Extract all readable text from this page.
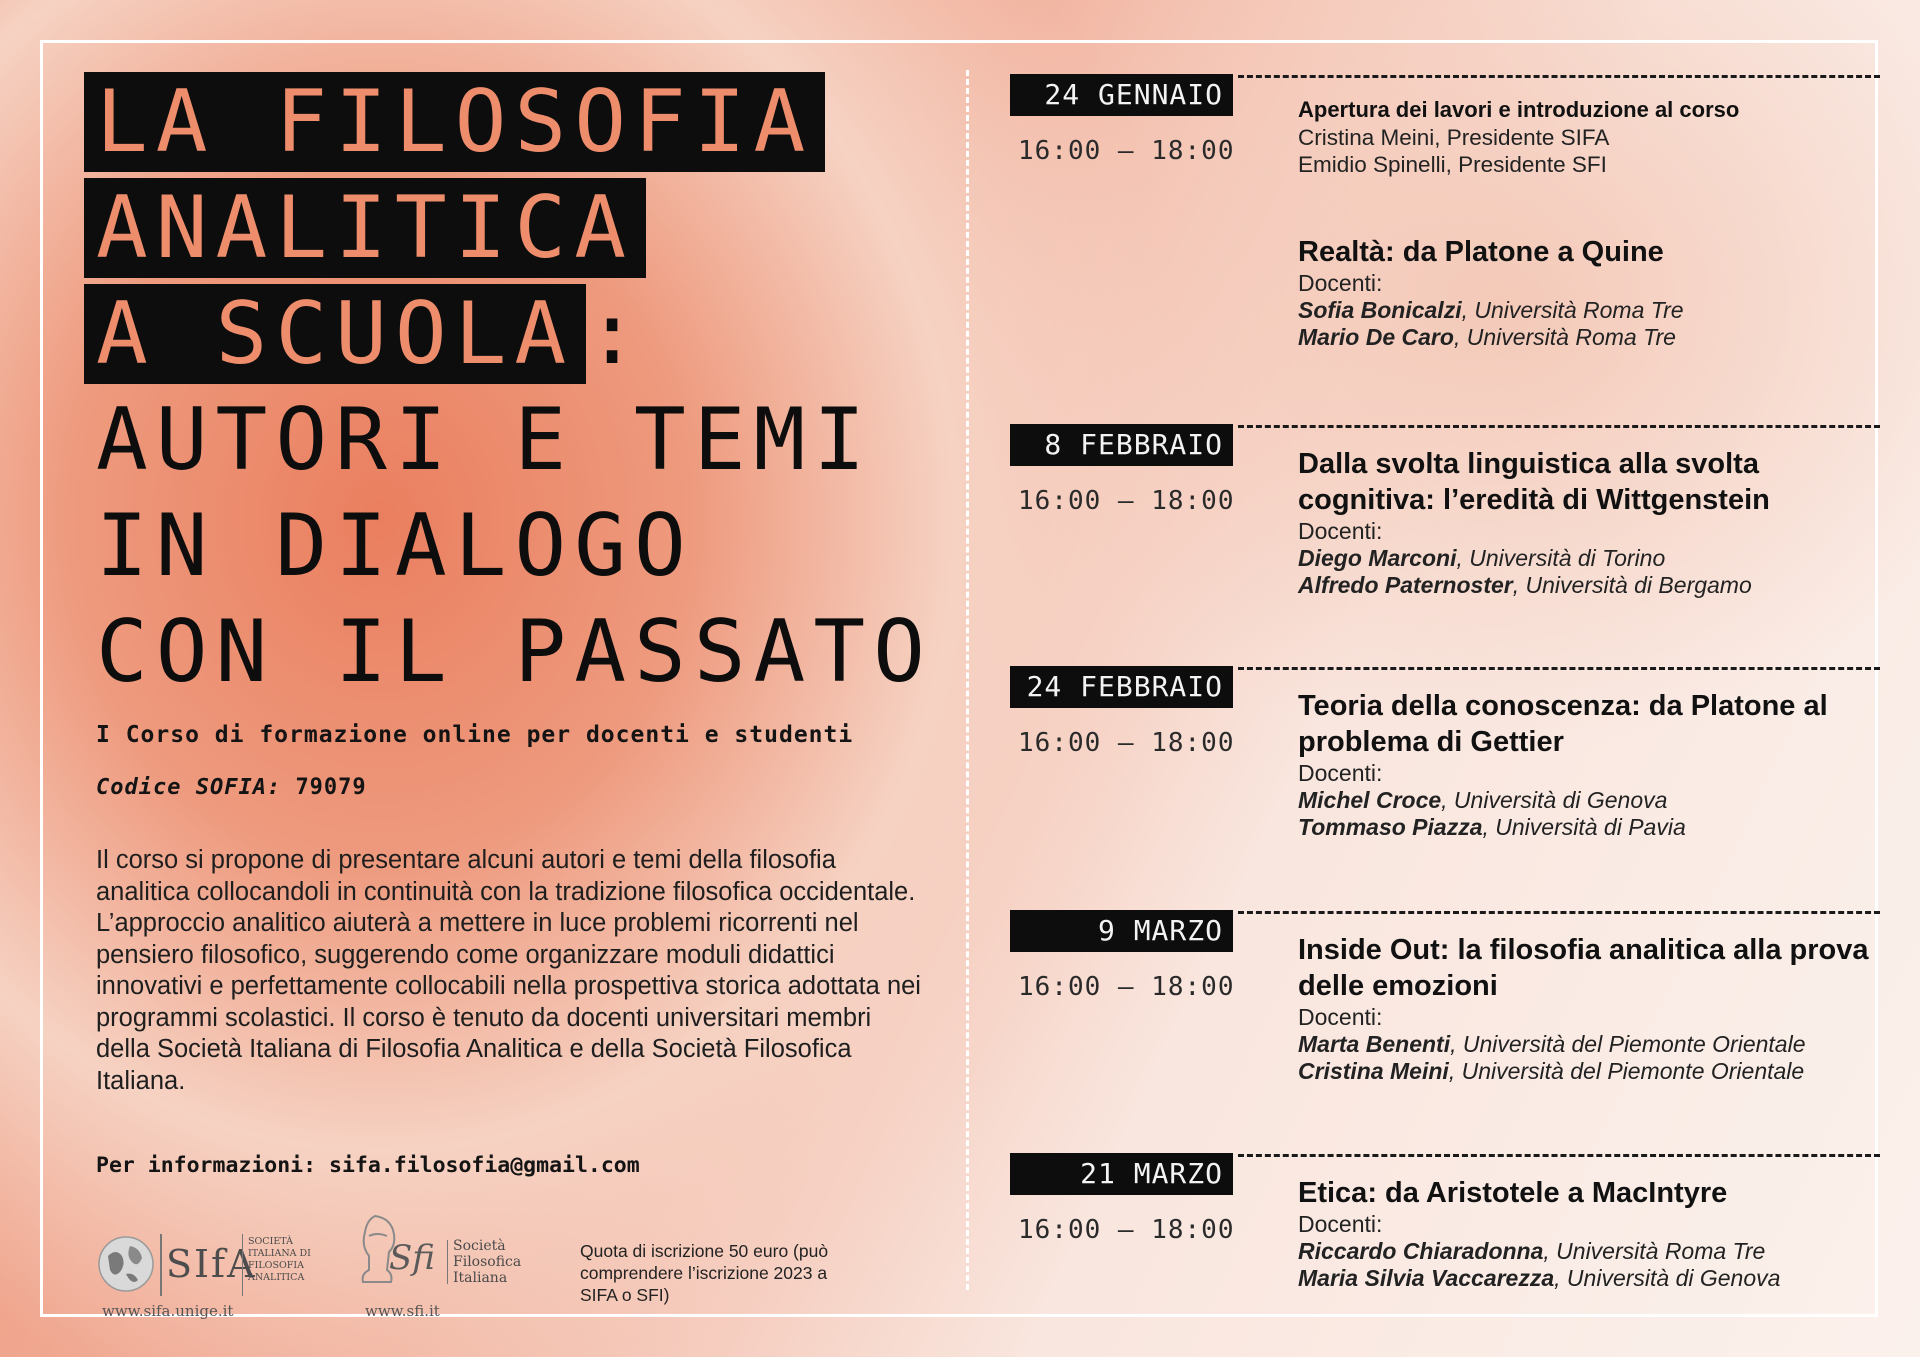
LA FILOSOFIA
ANALITICA
A SCUOLA :
AUTORI E TEMI
IN DIALOGO
CON IL PASSATO
I Corso di formazione online per docenti e studenti
Codice SOFIA: 79079
Il corso si propone di presentare alcuni autori e temi della filosofia analitica collocandoli in continuità con la tradizione filosofica occidentale. L’approccio analitico aiuterà a mettere in luce problemi ricorrenti nel pensiero filosofico, suggerendo come organizzare moduli didattici innovativi e perfettamente collocabili nella prospettiva storica adottata nei programmi scolastici. Il corso è tenuto da docenti universitari membri della Società Italiana di Filosofia Analitica e della Società Filosofica Italiana.
Per informazioni: sifa.filosofia@gmail.com
SIfA
SOCIETÀ
ITALIANA DI
FILOSOFIA
ANALITICA
www.sifa.unige.it
Sfi Società
Filosofica
Italiana
www.sfi.it
Quota di iscrizione 50 euro (può comprendere l’iscrizione 2023 a SIFA o SFI)
24 GENNAIO
16:00 – 18:00
Apertura dei lavori e introduzione al corso
Cristina Meini, Presidente SIFA
Emidio Spinelli, Presidente SFI
Realtà: da Platone a Quine
Docenti:
Sofia Bonicalzi, Università Roma Tre
Mario De Caro, Università Roma Tre
8 FEBBRAIO
16:00 – 18:00
Dalla svolta linguistica alla svolta cognitiva: l’eredità di Wittgenstein
Docenti:
Diego Marconi, Università di Torino
Alfredo Paternoster, Università di Bergamo
24 FEBBRAIO
16:00 – 18:00
Teoria della conoscenza: da Platone al problema di Gettier
Docenti:
Michel Croce, Università di Genova
Tommaso Piazza, Università di Pavia
9 MARZO
16:00 – 18:00
Inside Out: la filosofia analitica alla prova delle emozioni
Docenti:
Marta Benenti, Università del Piemonte Orientale
Cristina Meini, Università del Piemonte Orientale
21 MARZO
16:00 – 18:00
Etica: da Aristotele a MacIntyre
Docenti:
Riccardo Chiaradonna, Università Roma Tre
Maria Silvia Vaccarezza, Università di Genova
